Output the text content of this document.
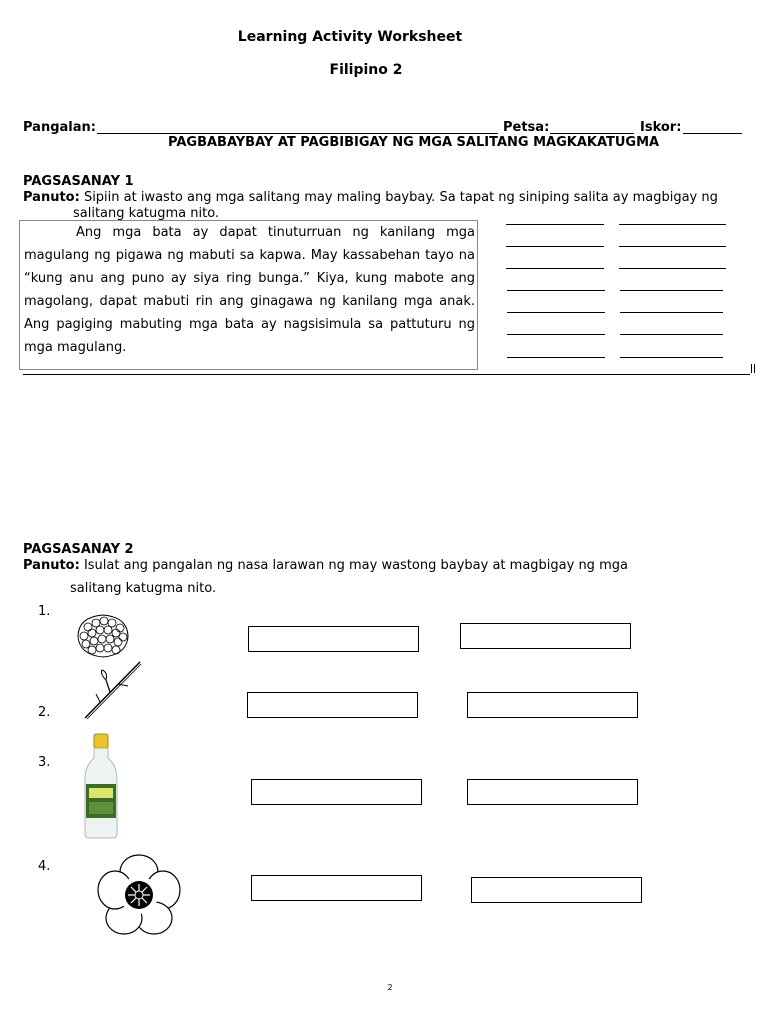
Learning Activity Worksheet
Filipino 2
Pangalan:	Petsa:	Iskor:
PAGBABAYBAY AT PAGBIBIGAY NG MGA SALITANG MAGKAKATUGMA
PAGSASANAY 1
Panuto: Sipiin at iwasto ang mga salitang may maling baybay. Sa tapat ng siniping salita ay magbigay ng
salitang katugma nito.
Ang mga bata ay dapat tinuturruan ng kanilang mga magulang ng pigawa ng mabuti sa kapwa. May kassabehan tayo na “kung anu ang puno ay siya ring bunga.” Kiya, kung mabote ang magolang, dapat mabuti rin ang ginagawa ng kanilang mga anak. Ang pagiging mabuting mga bata ay nagsisimula sa pattuturu ng mga magulang.
PAGSASANAY 2
Panuto: Isulat ang pangalan ng nasa larawan ng may wastong baybay at magbigay ng mga
salitang katugma nito.
1.
2.
3.
4.
2
